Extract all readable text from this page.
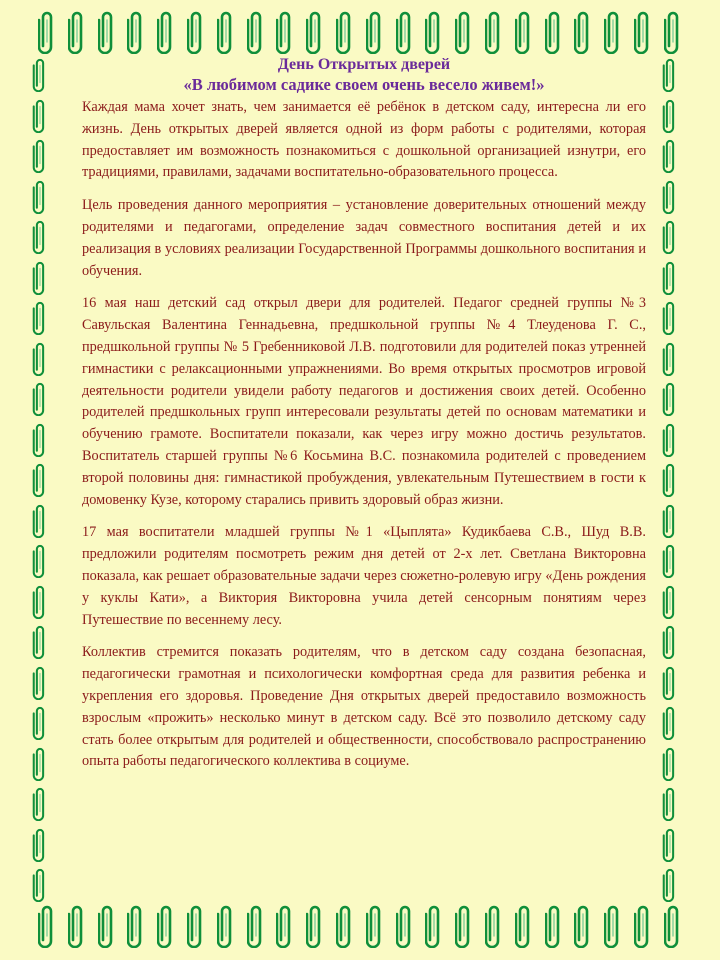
День Открытых дверей
«В любимом садике своем очень весело живем!»

Каждая мама хочет знать, чем занимается её ребёнок в детском саду, интересна ли его жизнь. День открытых дверей является одной из форм работы с родителями, которая предоставляет им возможность познакомиться с дошкольной организацией изнутри, его традициями, правилами, задачами воспитательно-образовательного процесса.

Цель проведения данного мероприятия – установление доверительных отношений между родителями и педагогами, определение задач совместного воспитания детей и их реализация в условиях реализации Государственной Программы дошкольного воспитания и обучения.

16 мая наш детский сад открыл двери для родителей. Педагог средней группы №3 Савульская Валентина Геннадьевна, предшкольной группы №4 Тлеуденова Г. С., предшкольной группы № 5 Гребенниковой Л.В. подготовили для родителей показ утренней гимнастики с релаксационными упражнениями. Во время открытых просмотров игровой деятельности родители увидели работу педагогов и достижения своих детей. Особенно родителей предшкольных групп интересовали результаты детей по основам математики и обучению грамоте. Воспитатели показали, как через игру можно достичь результатов. Воспитатель старшей группы №6 Косьмина В.С. познакомила родителей с проведением второй половины дня: гимнастикой пробуждения, увлекательным Путешествием в гости к домовенку Кузе, которому старались привить здоровый образ жизни.

17 мая воспитатели младшей группы №1 «Цыплята» Кудикбаева С.В., Шуд В.В. предложили родителям посмотреть режим дня детей от 2-х лет. Светлана Викторовна показала, как решает образовательные задачи через сюжетно-ролевую игру «День рождения у куклы Кати», а Виктория Викторовна учила детей сенсорным понятиям через Путешествие по весеннему лесу.

Коллектив стремится показать родителям, что в детском саду создана безопасная, педагогически грамотная и психологически комфортная среда для развития ребенка и укрепления его здоровья. Проведение Дня открытых дверей предоставило возможность взрослым «прожить» несколько минут в детском саду. Всё это позволило детскому саду стать более открытым для родителей и общественности, способствовало распространению опыта работы педагогического коллектива в социуме.
